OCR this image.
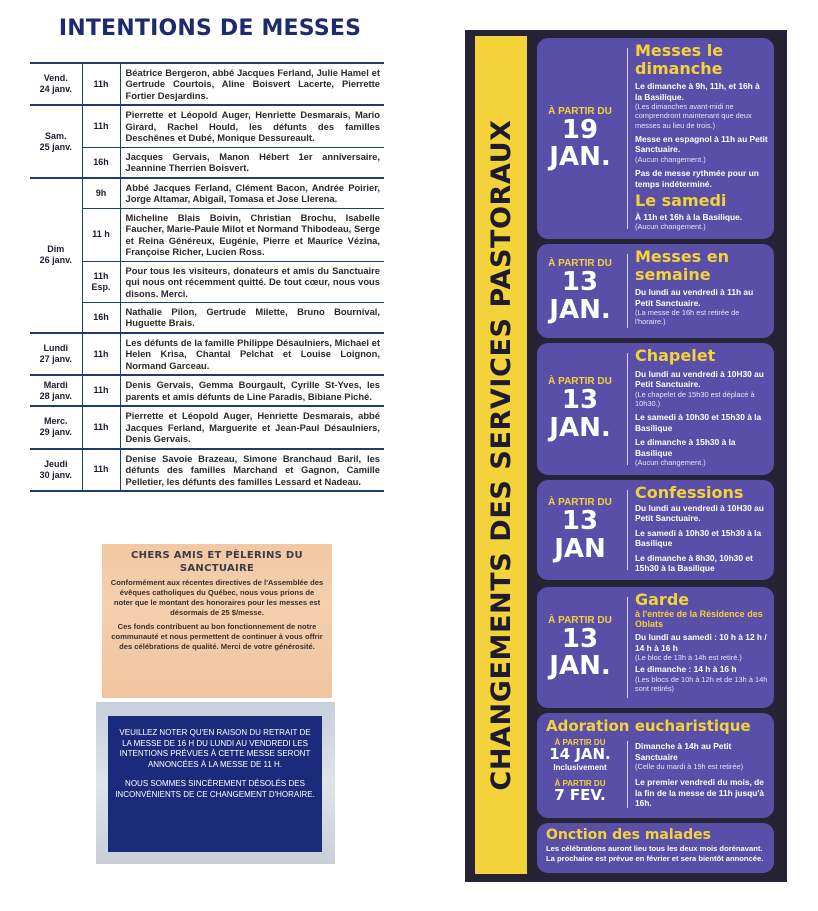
INTENTIONS DE MESSES
Vend.
24 janv.	11h	Béatrice Bergeron, abbé Jacques Ferland, Julie Hamel et Gertrude Courtois, Aline Boisvert Lacerte, Pierrette Fortier Desjardins.

Sam.
25 janv.	11h	Pierrette et Léopold Auger, Henriette Desmarais, Mario Girard, Rachel Hould, les défunts des familles Deschênes et Dubé, Monique Dessureault.
	16h	Jacques Gervais, Manon Hébert 1er anniversaire, Jeannine Therrien Boisvert.

Dim
26 janv.	9h	Abbé Jacques Ferland, Clément Bacon, Andrée Poirier, Jorge Altamar, Abigail, Tomasa et Jose Llerena.
	11 h	Micheline Blais Boivin, Christian Brochu, Isabelle Faucher, Marie-Paule Milot et Normand Thibodeau, Serge et Reina Généreux, Eugénie, Pierre et Maurice Vézina, Françoise Richer, Lucien Ross.
	11h Esp.	Pour tous les visiteurs, donateurs et amis du Sanctuaire qui nous ont récemment quitté. De tout cœur, nous vous disons. Merci.
	16h	Nathalie Pilon, Gertrude Milette, Bruno Bournival, Huguette Brais.

Lundi
27 janv.	11h	Les défunts de la famille Philippe Désaulniers, Michael et Helen Krisa, Chantal Pelchat et Louise Loignon, Normand Garceau.

Mardi
28 janv.	11h	Denis Gervais, Gemma Bourgault, Cyrille St-Yves, les parents et amis défunts de Line Paradis, Bibiane Piché.

Merc.
29 janv.	11h	Pierrette et Léopold Auger, Henriette Desmarais, abbé Jacques Ferland, Marguerite et Jean-Paul Désaulniers, Denis Gervais.

Jeudi
30 janv.	11h	Denise Savoie Brazeau, Simone Branchaud Baril, les défunts des familles Marchand et Gagnon, Camille Pelletier, les défunts des familles Lessard et Nadeau.
CHERS AMIS ET PÈLERINS DU SANCTUAIRE

Conformément aux récentes directives de l'Assemblée des évêques catholiques du Québec, nous vous prions de noter que le montant des honoraires pour les messes est désormais de 25 $/messe.

Ces fonds contribuent au bon fonctionnement de notre communauté et nous permettent de continuer à vous offrir des célébrations de qualité. Merci de votre générosité.

VEUILLEZ NOTER QU'EN RAISON DU RETRAIT DE LA MESSE DE 16 H DU LUNDI AU VENDREDI LES INTENTIONS PRÉVUES À CETTE MESSE SERONT ANNONCÉES À LA MESSE DE 11 H.

NOUS SOMMES SINCÈREMENT DÉSOLÉS DES INCONVÉNIENTS DE CE CHANGEMENT D'HORAIRE.

CHANGEMENTS DES SERVICES PASTORAUX
À PARTIR DU
19
JAN.
Messes le dimanche
Le dimanche à 9h, 11h, et 16h à la Basilique.
(Les dimanches avant-midi ne comprendront maintenant que deux messes au lieu de trois.)
Messe en espagnol à 11h au Petit Sanctuaire.
(Aucun changement.)
Pas de messe rythmée pour un temps indéterminé.
Le samedi
À 11h et 16h à la Basilique.
(Aucun changement.)
À PARTIR DU
13
JAN.
Messes en semaine
Du lundi au vendredi à 11h au Petit Sanctuaire.
(La messe de 16h est retirée de l'horaire.)
À PARTIR DU
13
JAN.
Chapelet
Du lundi au vendredi à 10H30 au Petit Sanctuaire.
(Le chapelet de 15h30 est déplacé à 10h30.)
Le samedi à 10h30 et 15h30 à la Basilique
Le dimanche à 15h30 à la Basilique
(Aucun changement.)
À PARTIR DU
13
JAN
Confessions
Du lundi au vendredi à 10H30 au Petit Sanctuaire.
Le samedi à 10h30 et 15h30 à la Basilique
Le dimanche à 8h30, 10h30 et 15h30 à la Basilique
À PARTIR DU
13
JAN.
Garde
à l'entrée de la Résidence des Oblats
Du lundi au samedi : 10 h à 12 h / 14 h à 16 h
(Le bloc de 13h à 14h est retiré.)
Le dimanche : 14 h à 16 h
(Les blocs de 10h à 12h et de 13h à 14h sont retirés)
Adoration eucharistique
À PARTIR DU
14 JAN.
Inclusivement
À PARTIR DU
7 FEV.
Dimanche à 14h au Petit Sanctuaire
(Celle du mardi à 19h est retirée)
Le premier vendredi du mois, de la fin de la messe de 11h jusqu'à 16h.
Onction des malades
Les célébrations auront lieu tous les deux mois dorénavant. La prochaine est prévue en février et sera bientôt annoncée.
